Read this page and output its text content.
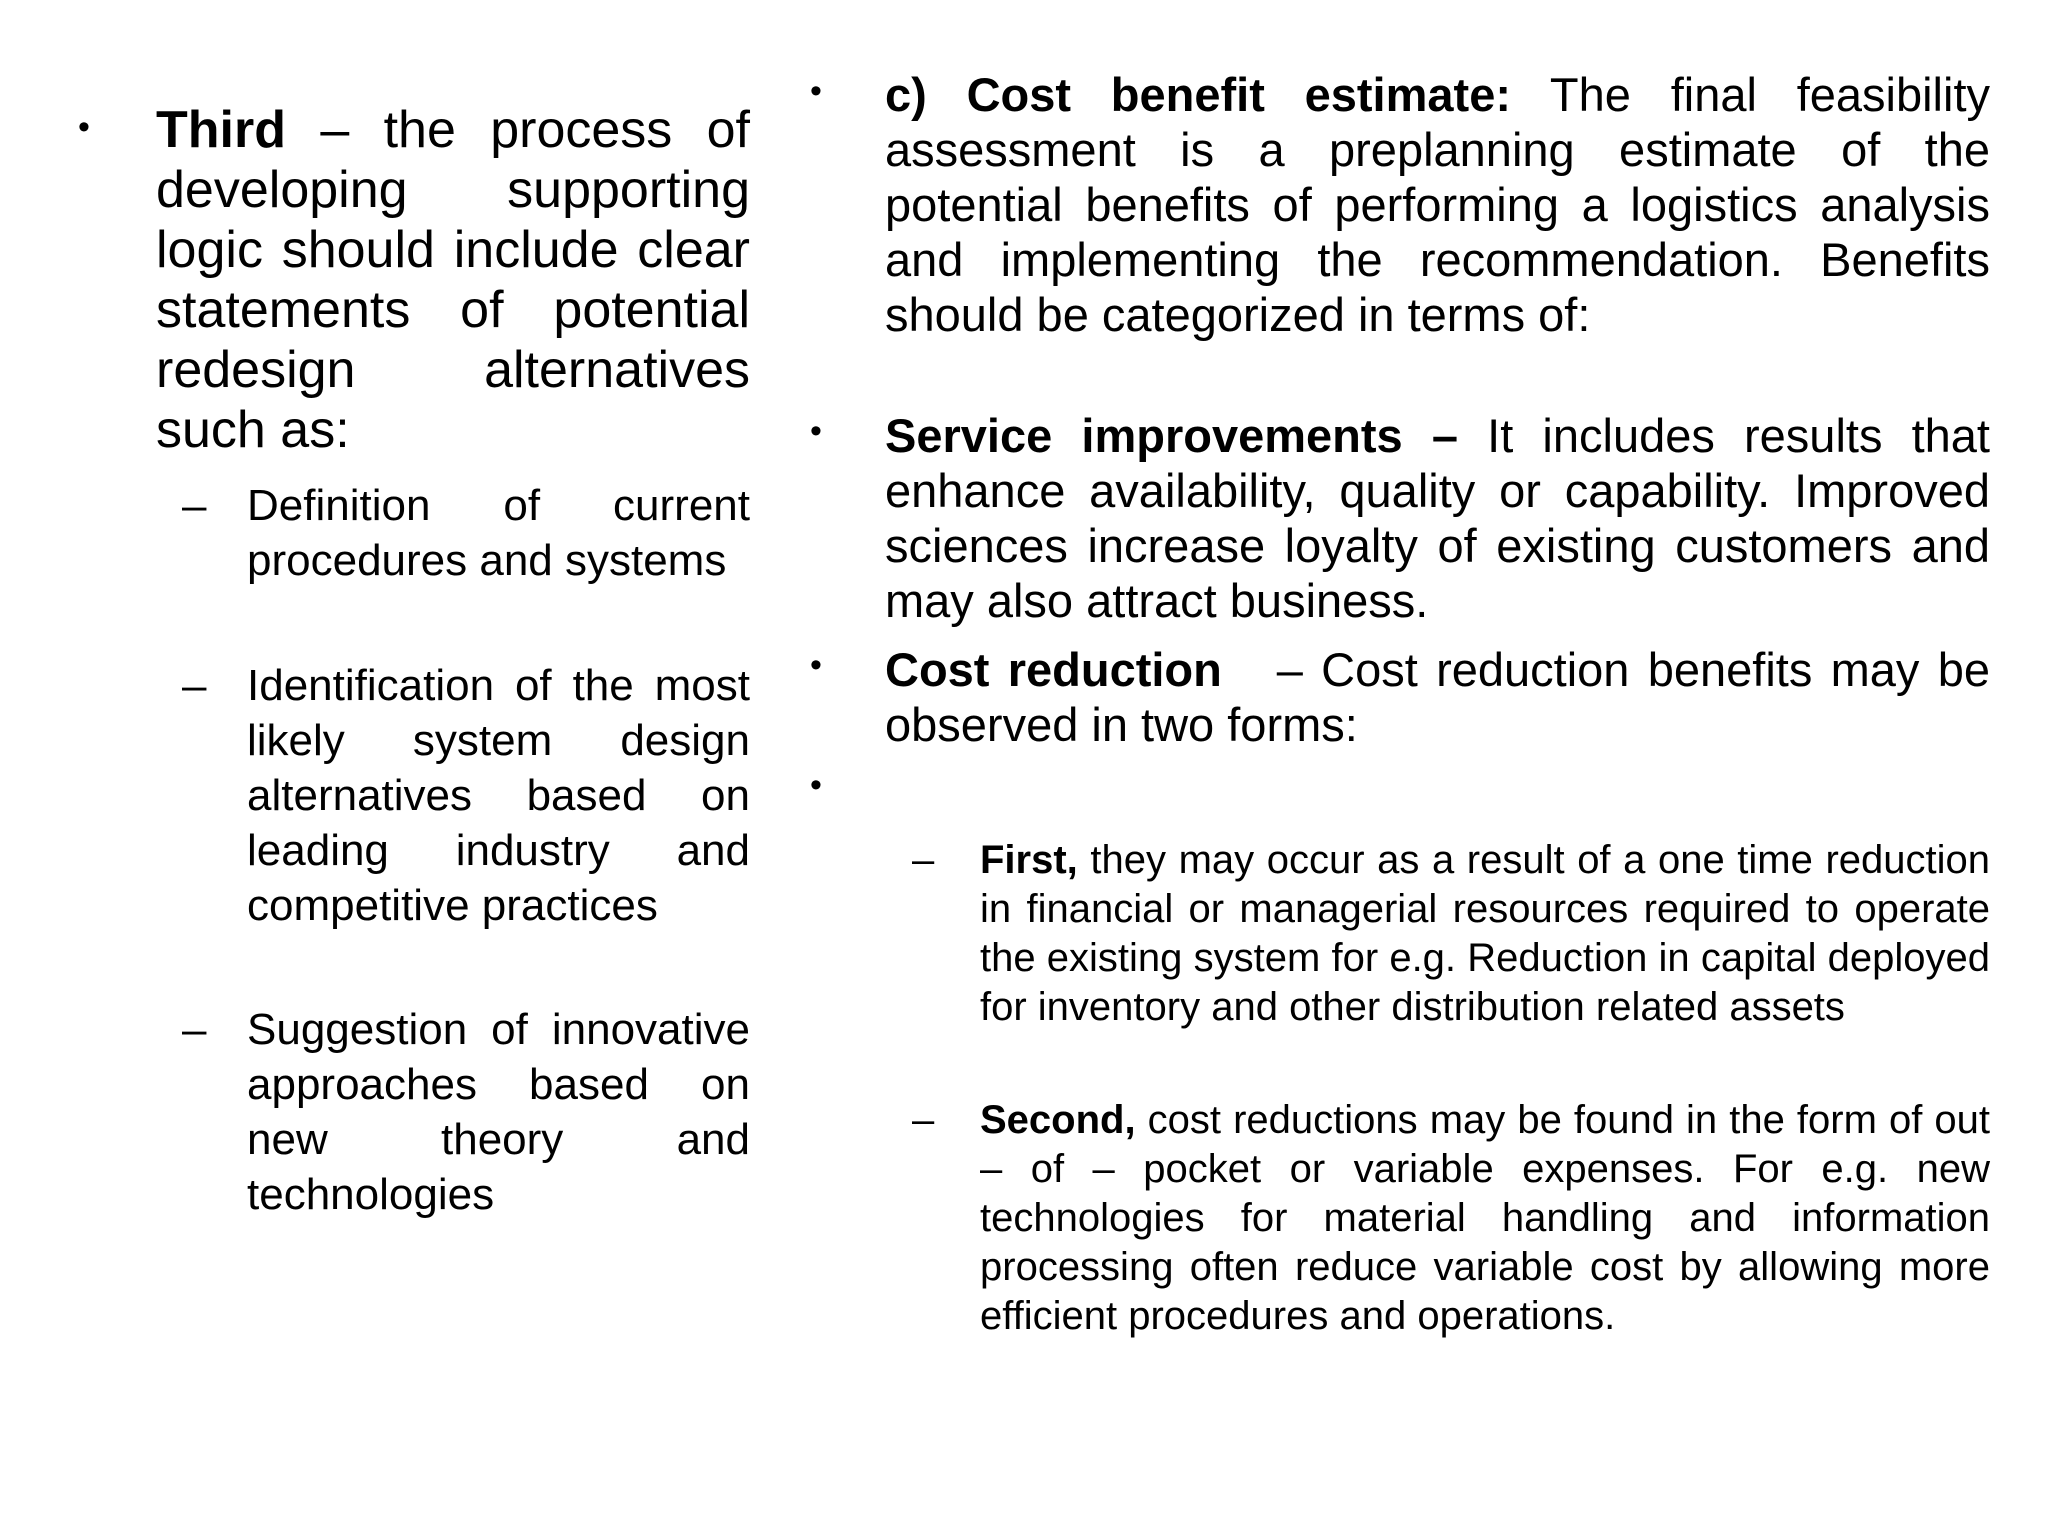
• Third – the process of developing supporting logic should include clear statements of potential redesign alternatives such as:

– Definition of current procedures and systems

– Identification of the most likely system design alternatives based on leading industry and competitive practices

– Suggestion of innovative approaches based on new theory and technologies

• c) Cost benefit estimate: The final feasibility assessment is a preplanning estimate of the potential benefits of performing a logistics analysis and implementing the recommendation. Benefits should be categorized in terms of:

• Service improvements – It includes results that enhance availability, quality or capability. Improved sciences increase loyalty of existing customers and may also attract business.

• Cost reduction   – Cost reduction benefits may be observed in two forms:

•
– First, they may occur as a result of a one time reduction in financial or managerial resources required to operate the existing system for e.g. Reduction in capital deployed for inventory and other distribution related assets

– Second, cost reductions may be found in the form of out – of – pocket or variable expenses. For e.g. new technologies for material handling and information processing often reduce variable cost by allowing more efficient procedures and operations.
